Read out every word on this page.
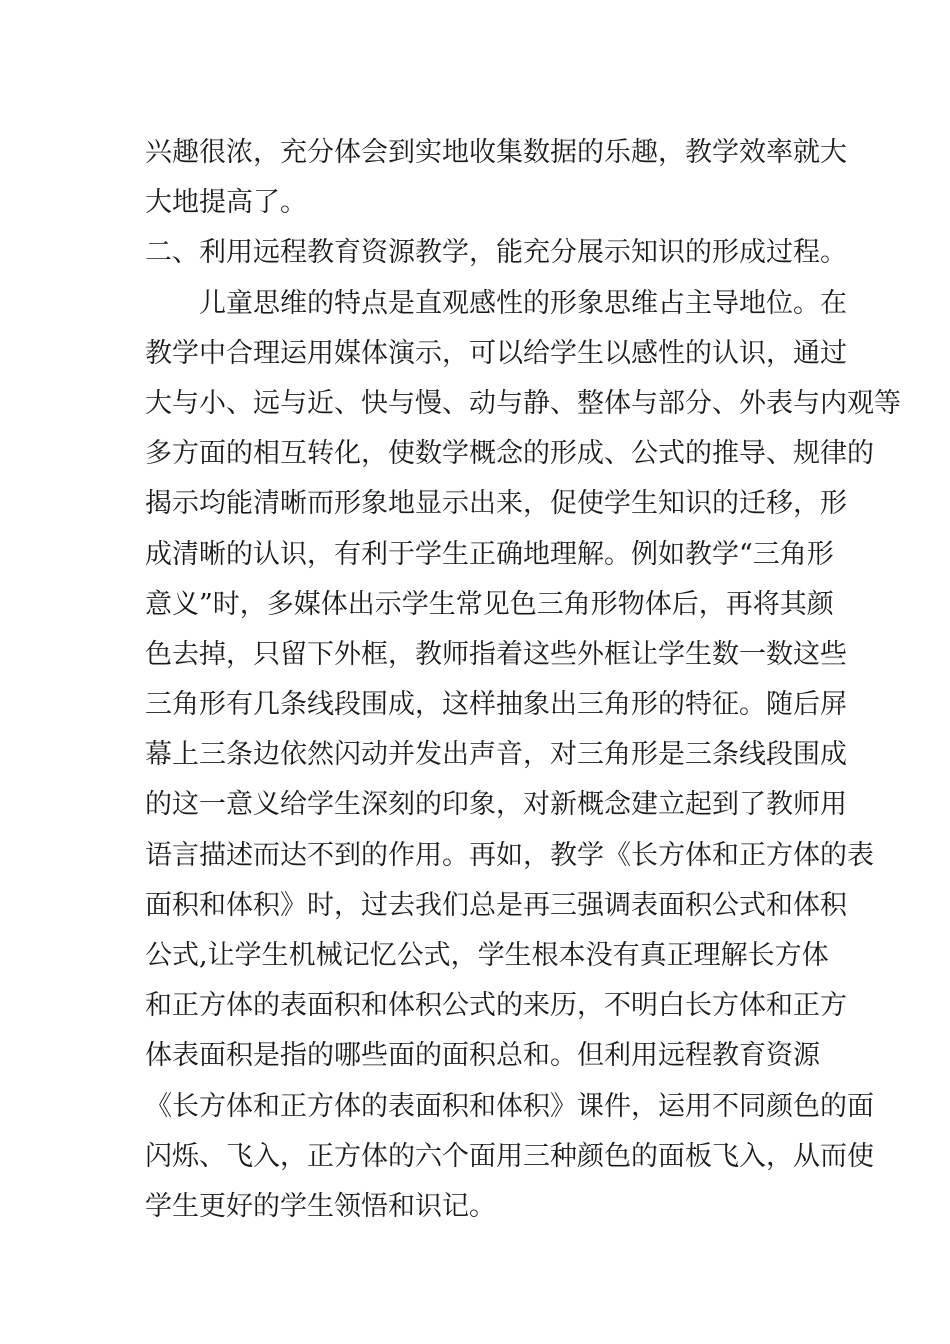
兴趣很浓，充分体会到实地收集数据的乐趣，教学效率就大
大地提高了。
二、利用远程教育资源教学，能充分展示知识的形成过程。
儿童思维的特点是直观感性的形象思维占主导地位。在
教学中合理运用媒体演示，可以给学生以感性的认识，通过
大与小、远与近、快与慢、动与静、整体与部分、外表与内观等
多方面的相互转化，使数学概念的形成、公式的推导、规律的
揭示均能清晰而形象地显示出来，促使学生知识的迁移，形
成清晰的认识，有利于学生正确地理解。例如教学“三角形
意义”时，多媒体出示学生常见色三角形物体后，再将其颜
色去掉，只留下外框，教师指着这些外框让学生数一数这些
三角形有几条线段围成，这样抽象出三角形的特征。随后屏
幕上三条边依然闪动并发出声音，对三角形是三条线段围成
的这一意义给学生深刻的印象，对新概念建立起到了教师用
语言描述而达不到的作用。再如，教学《长方体和正方体的表
面积和体积》时，过去我们总是再三强调表面积公式和体积
公式,让学生机械记忆公式，学生根本没有真正理解长方体
和正方体的表面积和体积公式的来历，不明白长方体和正方
体表面积是指的哪些面的面积总和。但利用远程教育资源
《长方体和正方体的表面积和体积》课件，运用不同颜色的面
闪烁、飞入，正方体的六个面用三种颜色的面板飞入，从而使
学生更好的学生领悟和识记。
